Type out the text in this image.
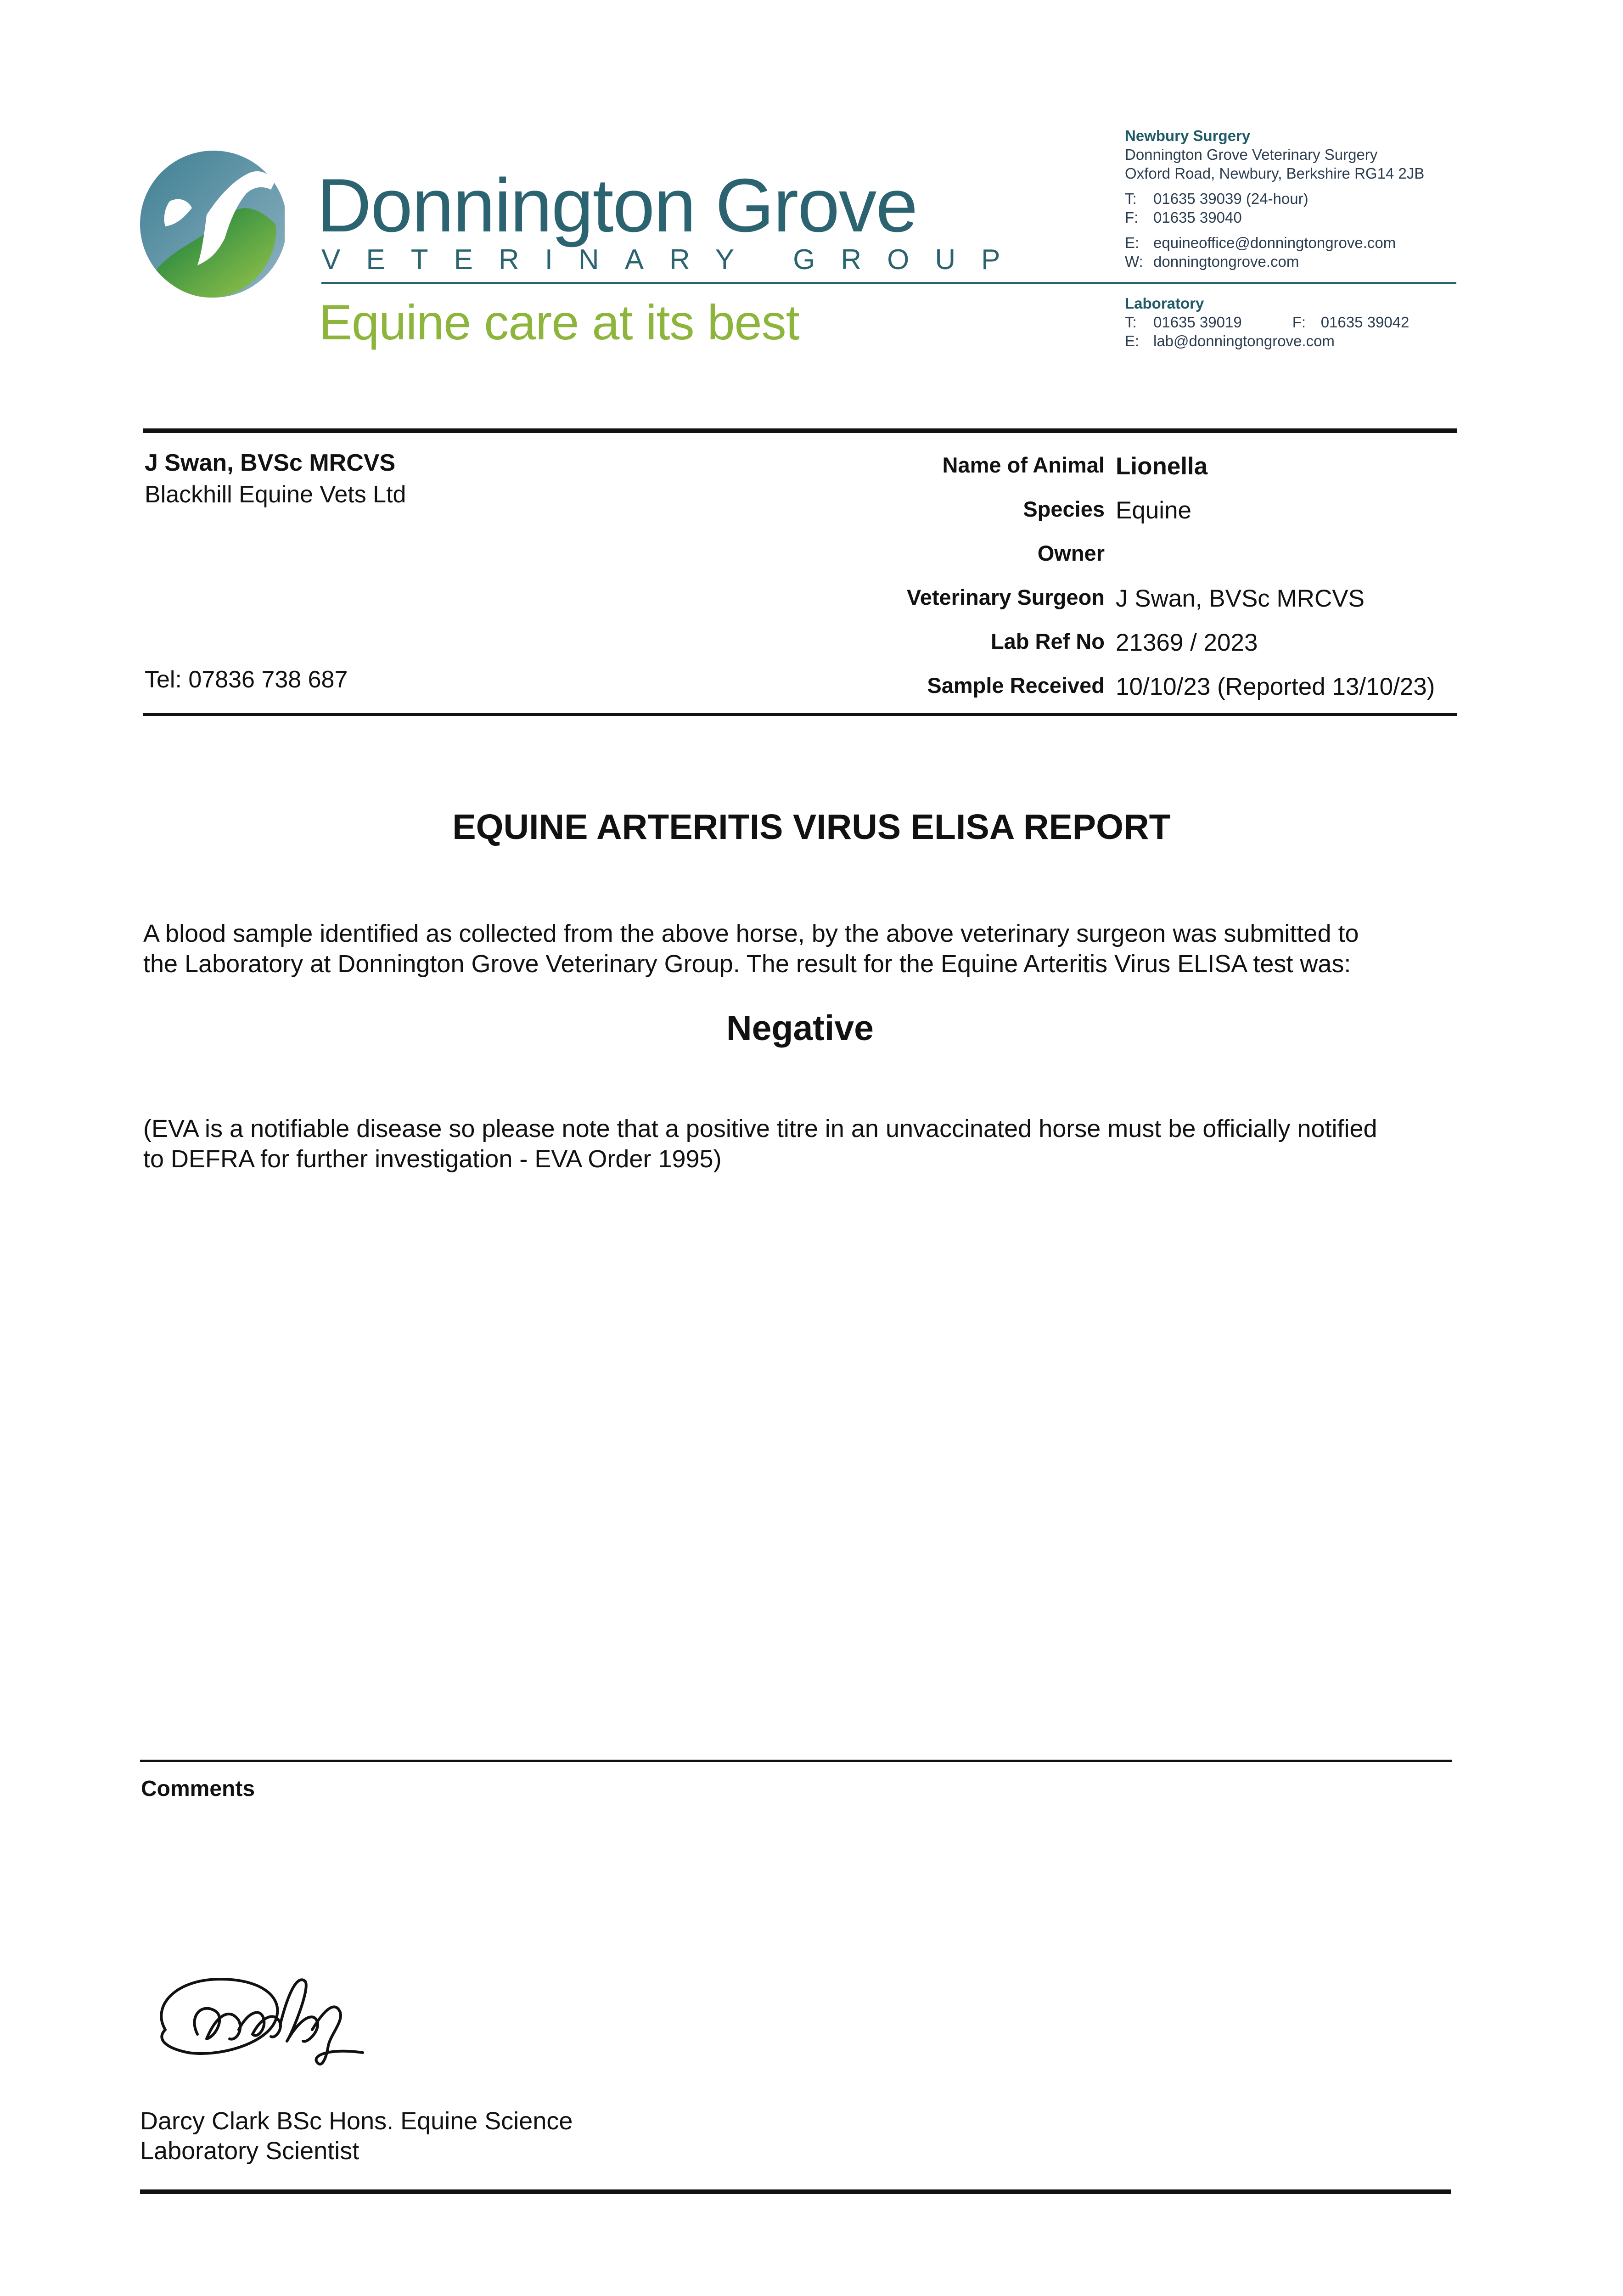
Donnington Grove
VETERINARY GROUP
Equine care at its best
Newbury Surgery
Donnington Grove Veterinary Surgery
Oxford Road, Newbury, Berkshire RG14 2JB
T:	01635 39039 (24-hour)
F: 01635 39040
E: equineoffice@donningtongrove.com
W: donningtongrove.com
Laboratory
T:	01635 39019	F: 01635 39042
E: lab@donningtongrove.com
J Swan, BVSc MRCVS
Blackhill Equine Vets Ltd
Tel: 07836 738 687
Name of Animal Lionella
Species Equine
Owner
Veterinary Surgeon J Swan, BVSc MRCVS
Lab Ref No 21369 / 2023
Sample Received 10/10/23 (Reported 13/10/23)
EQUINE ARTERITIS VIRUS ELISA REPORT
A blood sample identified as collected from the above horse, by the above veterinary surgeon was submitted to
the Laboratory at Donnington Grove Veterinary Group. The result for the Equine Arteritis Virus ELISA test was:
Negative
(EVA is a notifiable disease so please note that a positive titre in an unvaccinated horse must be officially notified
to DEFRA for further investigation - EVA Order 1995)
Comments
Darcy Clark BSc Hons. Equine Science
Laboratory Scientist
